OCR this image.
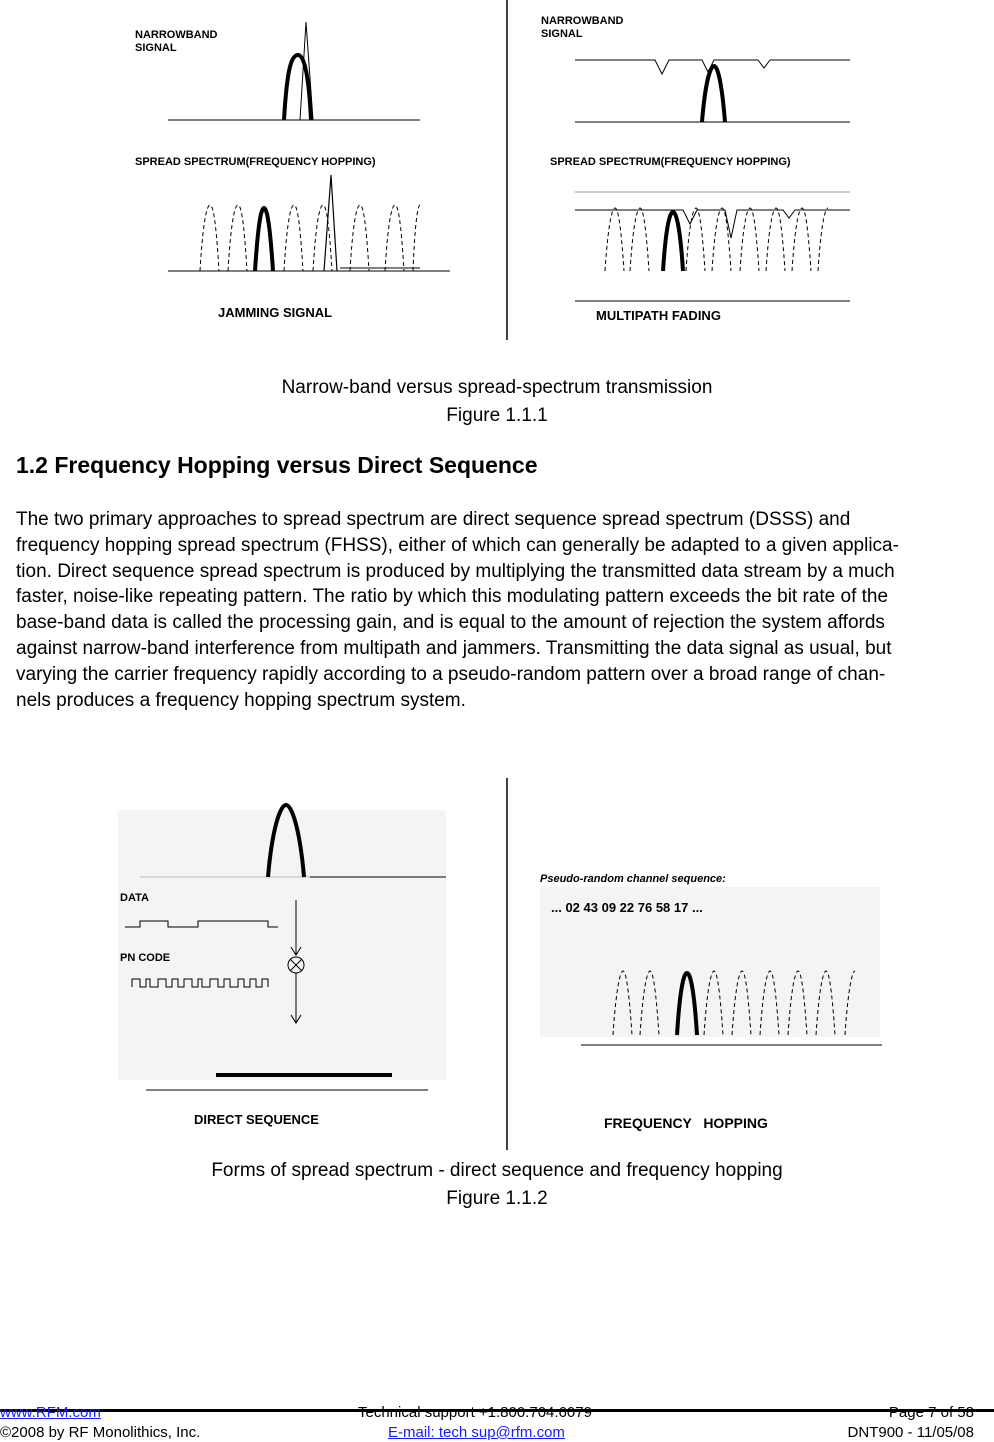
NARROWBAND
SIGNAL
SPREAD SPECTRUM(FREQUENCY HOPPING)
JAMMING SIGNAL
NARROWBAND
SIGNAL
SPREAD SPECTRUM(FREQUENCY HOPPING)
MULTIPATH FADING
Narrow-band versus spread-spectrum transmission
Figure 1.1.1
1.2 Frequency Hopping versus Direct Sequence
The two primary approaches to spread spectrum are direct sequence spread spectrum (DSSS) and
frequency hopping spread spectrum (FHSS), either of which can generally be adapted to a given applica-
tion. Direct sequence spread spectrum is produced by multiplying the transmitted data stream by a much
faster, noise-like repeating pattern. The ratio by which this modulating pattern exceeds the bit rate of the
base-band data is called the processing gain, and is equal to the amount of rejection the system affords
against narrow-band interference from multipath and jammers. Transmitting the data signal as usual, but
varying the carrier frequency rapidly according to a pseudo-random pattern over a broad range of chan-
nels produces a frequency hopping spectrum system.
DATA
PN CODE
DIRECT SEQUENCE
Pseudo-random channel sequence:
... 02 43 09 22 76 58 17 ...
FREQUENCY   HOPPING
Forms of spread spectrum - direct sequence and frequency hopping
Figure 1.1.2
www.RFM.com	Technical support +1.800.704.6079	Page 7 of 58
©2008 by RF Monolithics, Inc.	E-mail: tech sup@rfm.com	DNT900 - 11/05/08
